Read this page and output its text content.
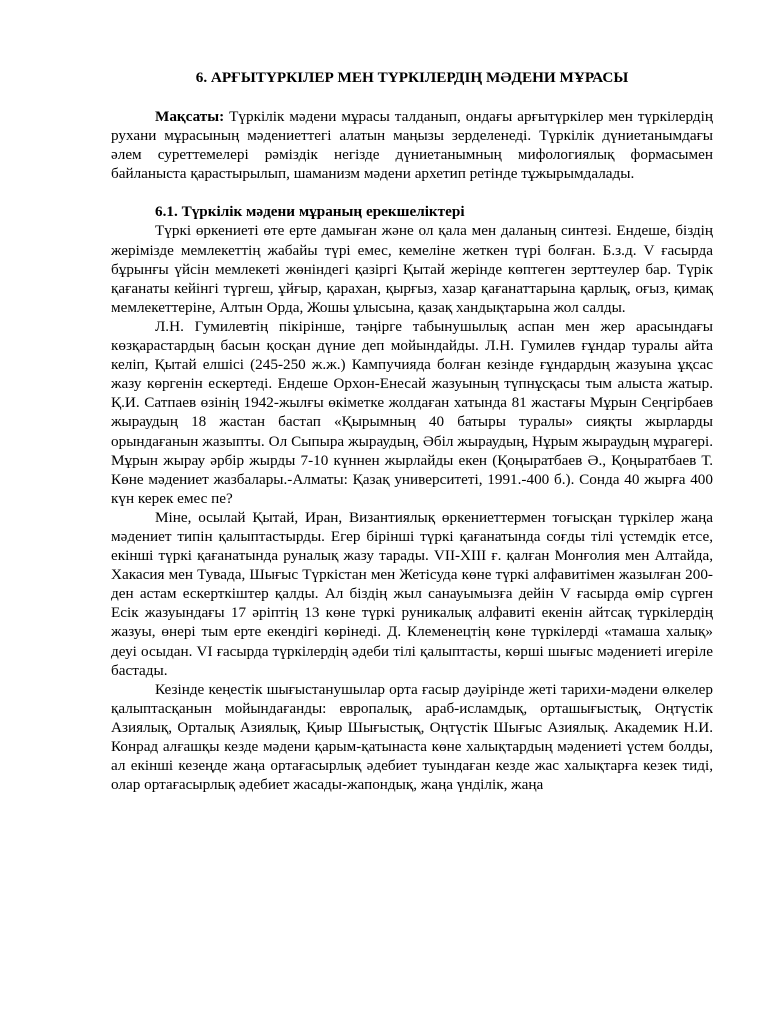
6. АРҒЫТҮРКІЛЕР МЕН ТҮРКІЛЕРДІҢ МӘДЕНИ МҰРАСЫ

Мақсаты: Түркілік мәдени мұрасы талданып, ондағы арғытүркілер мен түркілердің рухани мұрасының мәдениеттегі алатын маңызы зерделенеді. Түркілік дүниетанымдағы әлем суреттемелері рәміздік негізде дүниетанымның мифологиялық формасымен байланыста қарастырылып, шаманизм мәдени архетип ретінде тұжырымдалады.

6.1. Түркілік мәдени мұраның ерекшеліктері

Түркі өркениеті өте ерте дамыған және ол қала мен даланың синтезі. Ендеше, біздің жерімізде мемлекеттің жабайы түрі емес, кемеліне жеткен түрі болған. Б.з.д. V ғасырда бұрынғы үйсін мемлекеті жөніндегі қазіргі Қытай жерінде көптеген зерттеулер бар. Түрік қағанаты кейінгі түргеш, ұйғыр, қарахан, қырғыз, хазар қағанаттарына қарлық, оғыз, қимақ мемлекеттеріне, Алтын Орда, Жошы ұлысына, қазақ хандықтарына жол салды.

Л.Н. Гумилевтің пікірінше, тәңірге табынушылық аспан мен жер арасындағы көзқарастардың басын қосқан дүние деп мойындайды. Л.Н. Гумилев ғұндар туралы айта келіп, Қытай елшісі (245-250 ж.ж.) Кампучияда болған кезінде ғұндардың жазуына ұқсас жазу көргенін ескертеді. Ендеше Орхон-Енесай жазуының түпнұсқасы тым алыста жатыр. Қ.И. Сатпаев өзінің 1942-жылғы өкіметке жолдаған хатында 81 жастағы Мұрын Сеңгірбаев жыраудың 18 жастан бастап «Қырымның 40 батыры туралы» сияқты жырларды орындағанын жазыпты. Ол Сыпыра жыраудың, Әбіл жыраудың, Нұрым жыраудың мұрагері. Мұрын жырау әрбір жырды 7-10 күннен жырлайды екен (Қоңыратбаев Ә., Қоңыратбаев Т. Көне мәдениет жазбалары.-Алматы: Қазақ университеті, 1991.-400 б.). Сонда 40 жырға 400 күн керек емес пе?

Міне, осылай Қытай, Иран, Византиялық өркениеттермен тоғысқан түркілер жаңа мәдениет типін қалыптастырды. Егер бірінші түркі қағанатында соғды тілі үстемдік етсе, екінші түркі қағанатында руналық жазу тарады. VII-XIII ғ. қалған Монғолия мен Алтайда, Хакасия мен Тувада, Шығыс Түркістан мен Жетісуда көне түркі алфавитімен жазылған 200-ден астам ескерткіштер қалды. Ал біздің жыл санауымызға дейін V ғасырда өмір сүрген Есік жазуындағы 17 әріптің 13 көне түркі руникалық алфавиті екенін айтсақ түркілердің жазуы, өнері тым ерте екендігі көрінеді. Д. Клеменецтің көне түркілерді «тамаша халық» деуі осыдан. VI ғасырда түркілердің әдеби тілі қалыптасты, көрші шығыс мәдениеті игеріле бастады.

Кезінде кеңестік шығыстанушылар орта ғасыр дәуірінде жеті тарихи-мәдени өлкелер қалыптасқанын мойындағанды: европалық, араб-исламдық, орташығыстық, Оңтүстік Азиялық, Орталық Азиялық, Қиыр Шығыстық, Оңтүстік Шығыс Азиялық. Академик Н.И. Конрад алғашқы кезде мәдени қарым-қатынаста көне халықтардың мәдениеті үстем болды, ал екінші кезеңде жаңа ортағасырлық әдебиет туындаған кезде жас халықтарға кезек тиді, олар ортағасырлық әдебиет жасады-жапондық, жаңа үнділік, жаңа
